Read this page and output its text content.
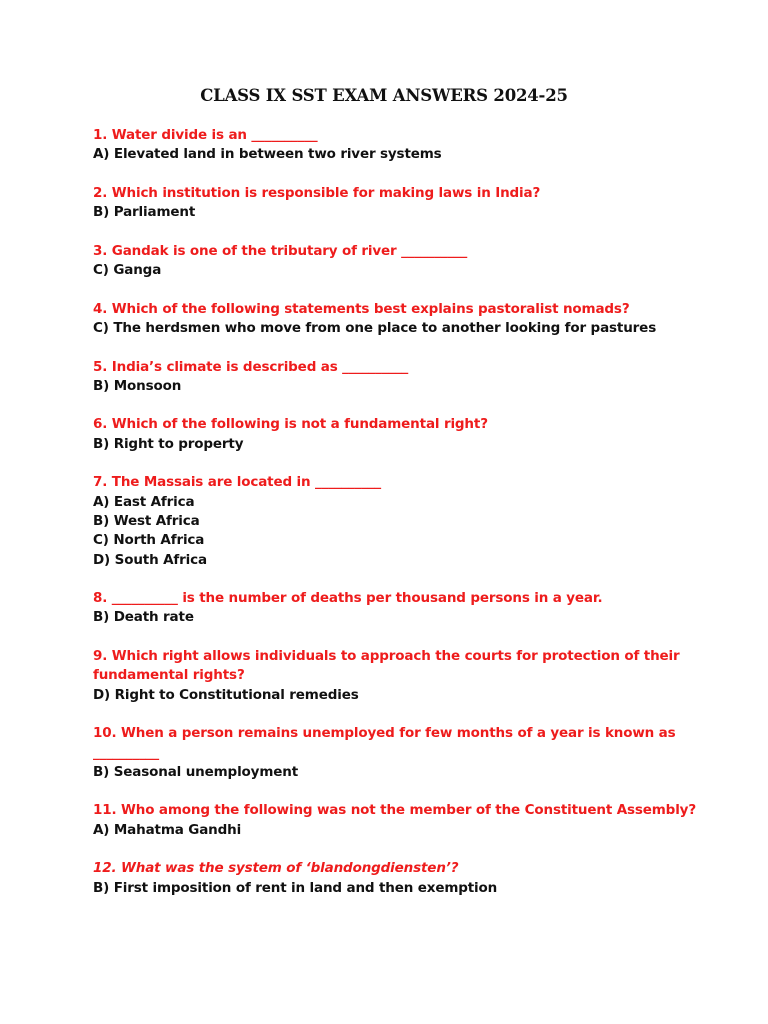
CLASS IX SST EXAM ANSWERS 2024-25
1. Water divide is an __________
A) Elevated land in between two river systems
2. Which institution is responsible for making laws in India?
B) Parliament
3. Gandak is one of the tributary of river __________
C) Ganga
4. Which of the following statements best explains pastoralist nomads?
C) The herdsmen who move from one place to another looking for pastures
5. India’s climate is described as __________
B) Monsoon
6. Which of the following is not a fundamental right?
B) Right to property
7. The Massais are located in __________
A) East Africa
B) West Africa
C) North Africa
D) South Africa
8. __________ is the number of deaths per thousand persons in a year.
B) Death rate
9. Which right allows individuals to approach the courts for protection of their
fundamental rights?
D) Right to Constitutional remedies
10. When a person remains unemployed for few months of a year is known as
__________
B) Seasonal unemployment
11. Who among the following was not the member of the Constituent Assembly?
A) Mahatma Gandhi
12. What was the system of ‘blandongdiensten’?
B) First imposition of rent in land and then exemption
